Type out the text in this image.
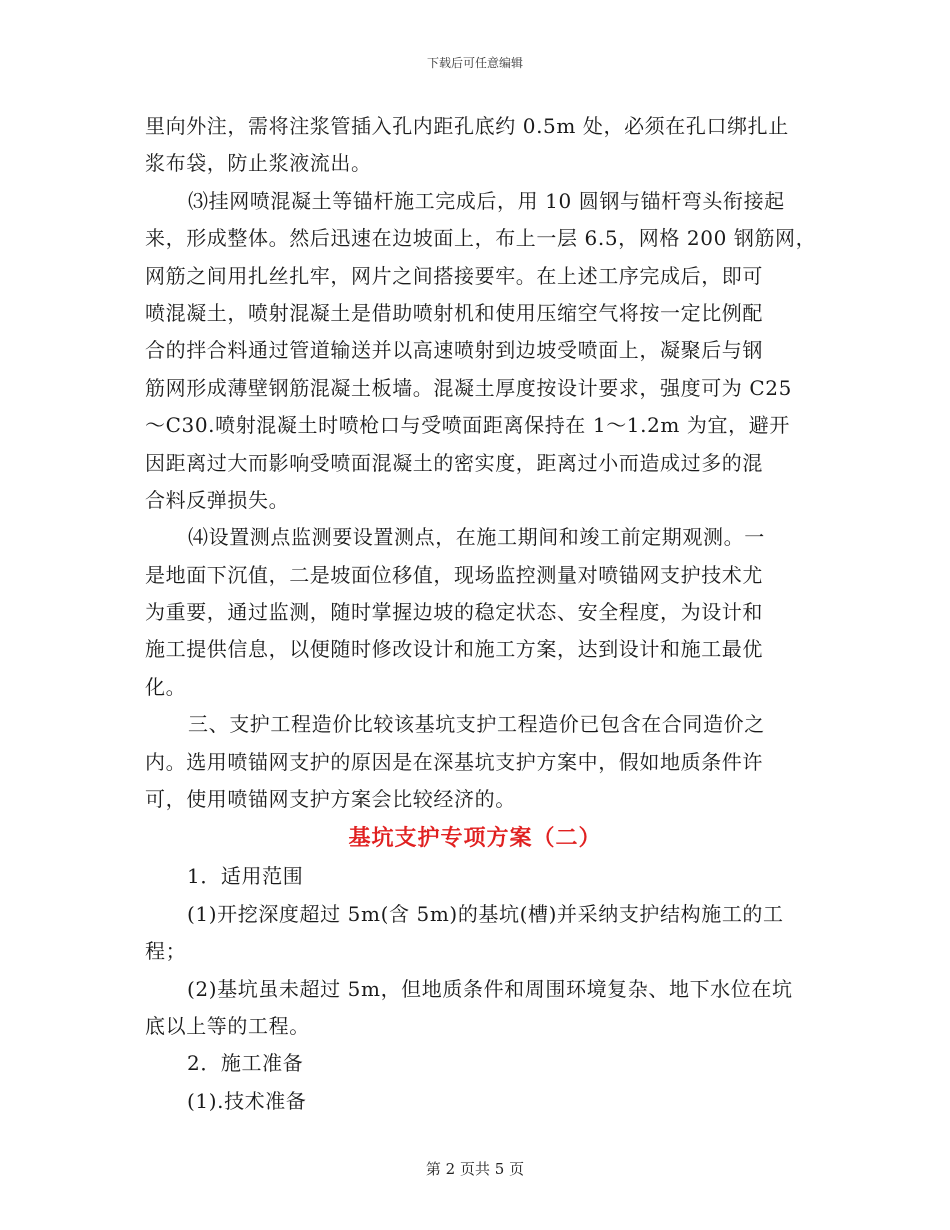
下载后可任意编辑
里向外注，需将注浆管插入孔内距孔底约 0.5m 处，必须在孔口绑扎止
浆布袋，防止浆液流出。
⑶挂网喷混凝土等锚杆施工完成后，用 10 圆钢与锚杆弯头衔接起
来，形成整体。然后迅速在边坡面上，布上一层 6.5，网格 200 钢筋网，
网筋之间用扎丝扎牢，网片之间搭接要牢。在上述工序完成后，即可
喷混凝土，喷射混凝土是借助喷射机和使用压缩空气将按一定比例配
合的拌合料通过管道输送并以高速喷射到边坡受喷面上，凝聚后与钢
筋网形成薄壁钢筋混凝土板墙。混凝土厚度按设计要求，强度可为 C25
～C30.喷射混凝土时喷枪口与受喷面距离保持在 1～1.2m 为宜，避开
因距离过大而影响受喷面混凝土的密实度，距离过小而造成过多的混
合料反弹损失。
⑷设置测点监测要设置测点，在施工期间和竣工前定期观测。一
是地面下沉值，二是坡面位移值，现场监控测量对喷锚网支护技术尤
为重要，通过监测，随时掌握边坡的稳定状态、安全程度，为设计和
施工提供信息，以便随时修改设计和施工方案，达到设计和施工最优
化。
三、支护工程造价比较该基坑支护工程造价已包含在合同造价之
内。选用喷锚网支护的原因是在深基坑支护方案中，假如地质条件许
可，使用喷锚网支护方案会比较经济的。
基坑支护专项方案（二）
1．适用范围
(1)开挖深度超过 5m(含 5m)的基坑(槽)并采纳支护结构施工的工
程；
(2)基坑虽未超过 5m，但地质条件和周围环境复杂、地下水位在坑
底以上等的工程。
2．施工准备
(1).技术准备
第 2 页共 5 页
